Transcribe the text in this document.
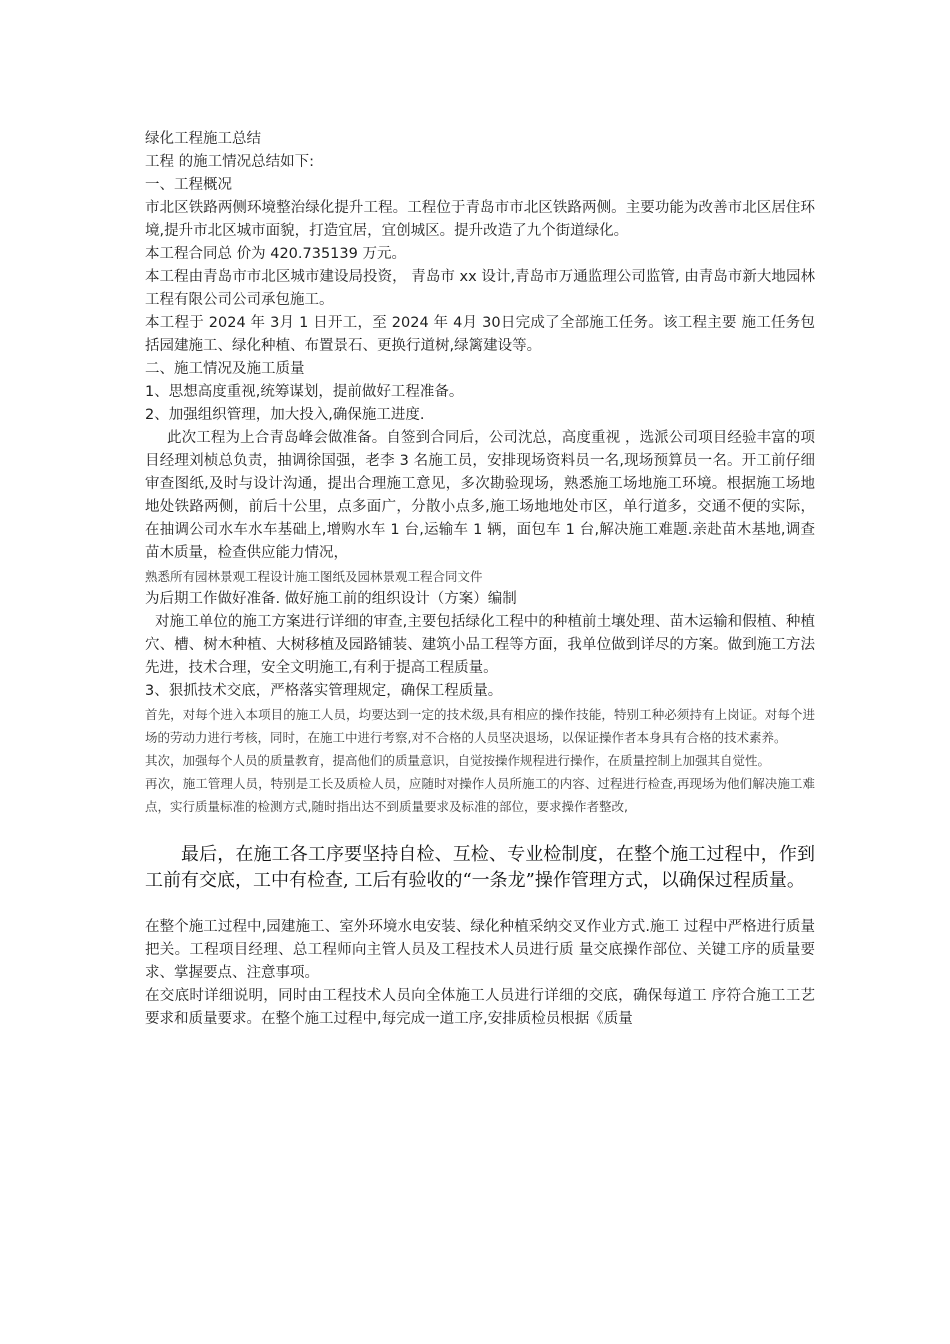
绿化工程施工总结

工程 的施工情况总结如下:

一、工程概况

市北区铁路两侧环境整治绿化提升工程。工程位于青岛市市北区铁路两侧。主要功能为改善市北区居住环境,提升市北区城市面貌，打造宜居，宜创城区。提升改造了九个街道绿化。

本工程合同总 价为 420.735139 万元。

本工程由青岛市市北区城市建设局投资， 青岛市 xx 设计,青岛市万通监理公司监管, 由青岛市新大地园林工程有限公司公司承包施工。

本工程于 2024 年 3月 1 日开工，至 2024 年 4月 30日完成了全部施工任务。该工程主要 施工任务包括园建施工、绿化种植、布置景石、更换行道树,绿篱建设等。

二、施工情况及施工质量

1、思想高度重视,统筹谋划，提前做好工程准备。

2、加强组织管理，加大投入,确保施工进度.

此次工程为上合青岛峰会做准备。自签到合同后，公司沈总，高度重视 ，选派公司项目经验丰富的项目经理刘桢总负责，抽调徐国强，老李 3 名施工员，安排现场资料员一名,现场预算员一名。开工前仔细审查图纸,及时与设计沟通，提出合理施工意见，多次勘验现场，熟悉施工场地施工环境。根据施工场地地处铁路两侧，前后十公里，点多面广，分散小点多,施工场地地处市区，单行道多，交通不便的实际，在抽调公司水车水车基础上,增购水车 1 台,运输车 1 辆，面包车 1 台,解决施工难题.亲赴苗木基地,调查苗木质量，检查供应能力情况，

熟悉所有园林景观工程设计施工图纸及园林景观工程合同文件

为后期工作做好准备. 做好施工前的组织设计（方案）编制

对施工单位的施工方案进行详细的审查,主要包括绿化工程中的种植前土壤处理、苗木运输和假植、种植穴、槽、树木种植、大树移植及园路铺装、建筑小品工程等方面，我单位做到详尽的方案。做到施工方法先进，技术合理，安全文明施工,有利于提高工程质量。

3、狠抓技术交底，严格落实管理规定，确保工程质量。

首先，对每个进入本项目的施工人员，均要达到一定的技术级,具有相应的操作技能，特别工种必须持有上岗证。对每个进场的劳动力进行考核，同时，在施工中进行考察,对不合格的人员坚决退场，以保证操作者本身具有合格的技术素养。

其次，加强每个人员的质量教育，提高他们的质量意识，自觉按操作规程进行操作，在质量控制上加强其自觉性。

再次，施工管理人员，特别是工长及质检人员，应随时对操作人员所施工的内容、过程进行检查,再现场为他们解决施工难点，实行质量标准的检测方式,随时指出达不到质量要求及标准的部位，要求操作者整改,

最后，在施工各工序要坚持自检、互检、专业检制度，在整个施工过程中，作到工前有交底，工中有检查, 工后有验收的“一条龙”操作管理方式，以确保过程质量。

在整个施工过程中,园建施工、室外环境水电安装、绿化种植采纳交叉作业方式.施工 过程中严格进行质量把关。工程项目经理、总工程师向主管人员及工程技术人员进行质 量交底操作部位、关键工序的质量要求、掌握要点、注意事项。

在交底时详细说明，同时由工程技术人员向全体施工人员进行详细的交底，确保每道工 序符合施工工艺要求和质量要求。在整个施工过程中,每完成一道工序,安排质检员根据《质量
